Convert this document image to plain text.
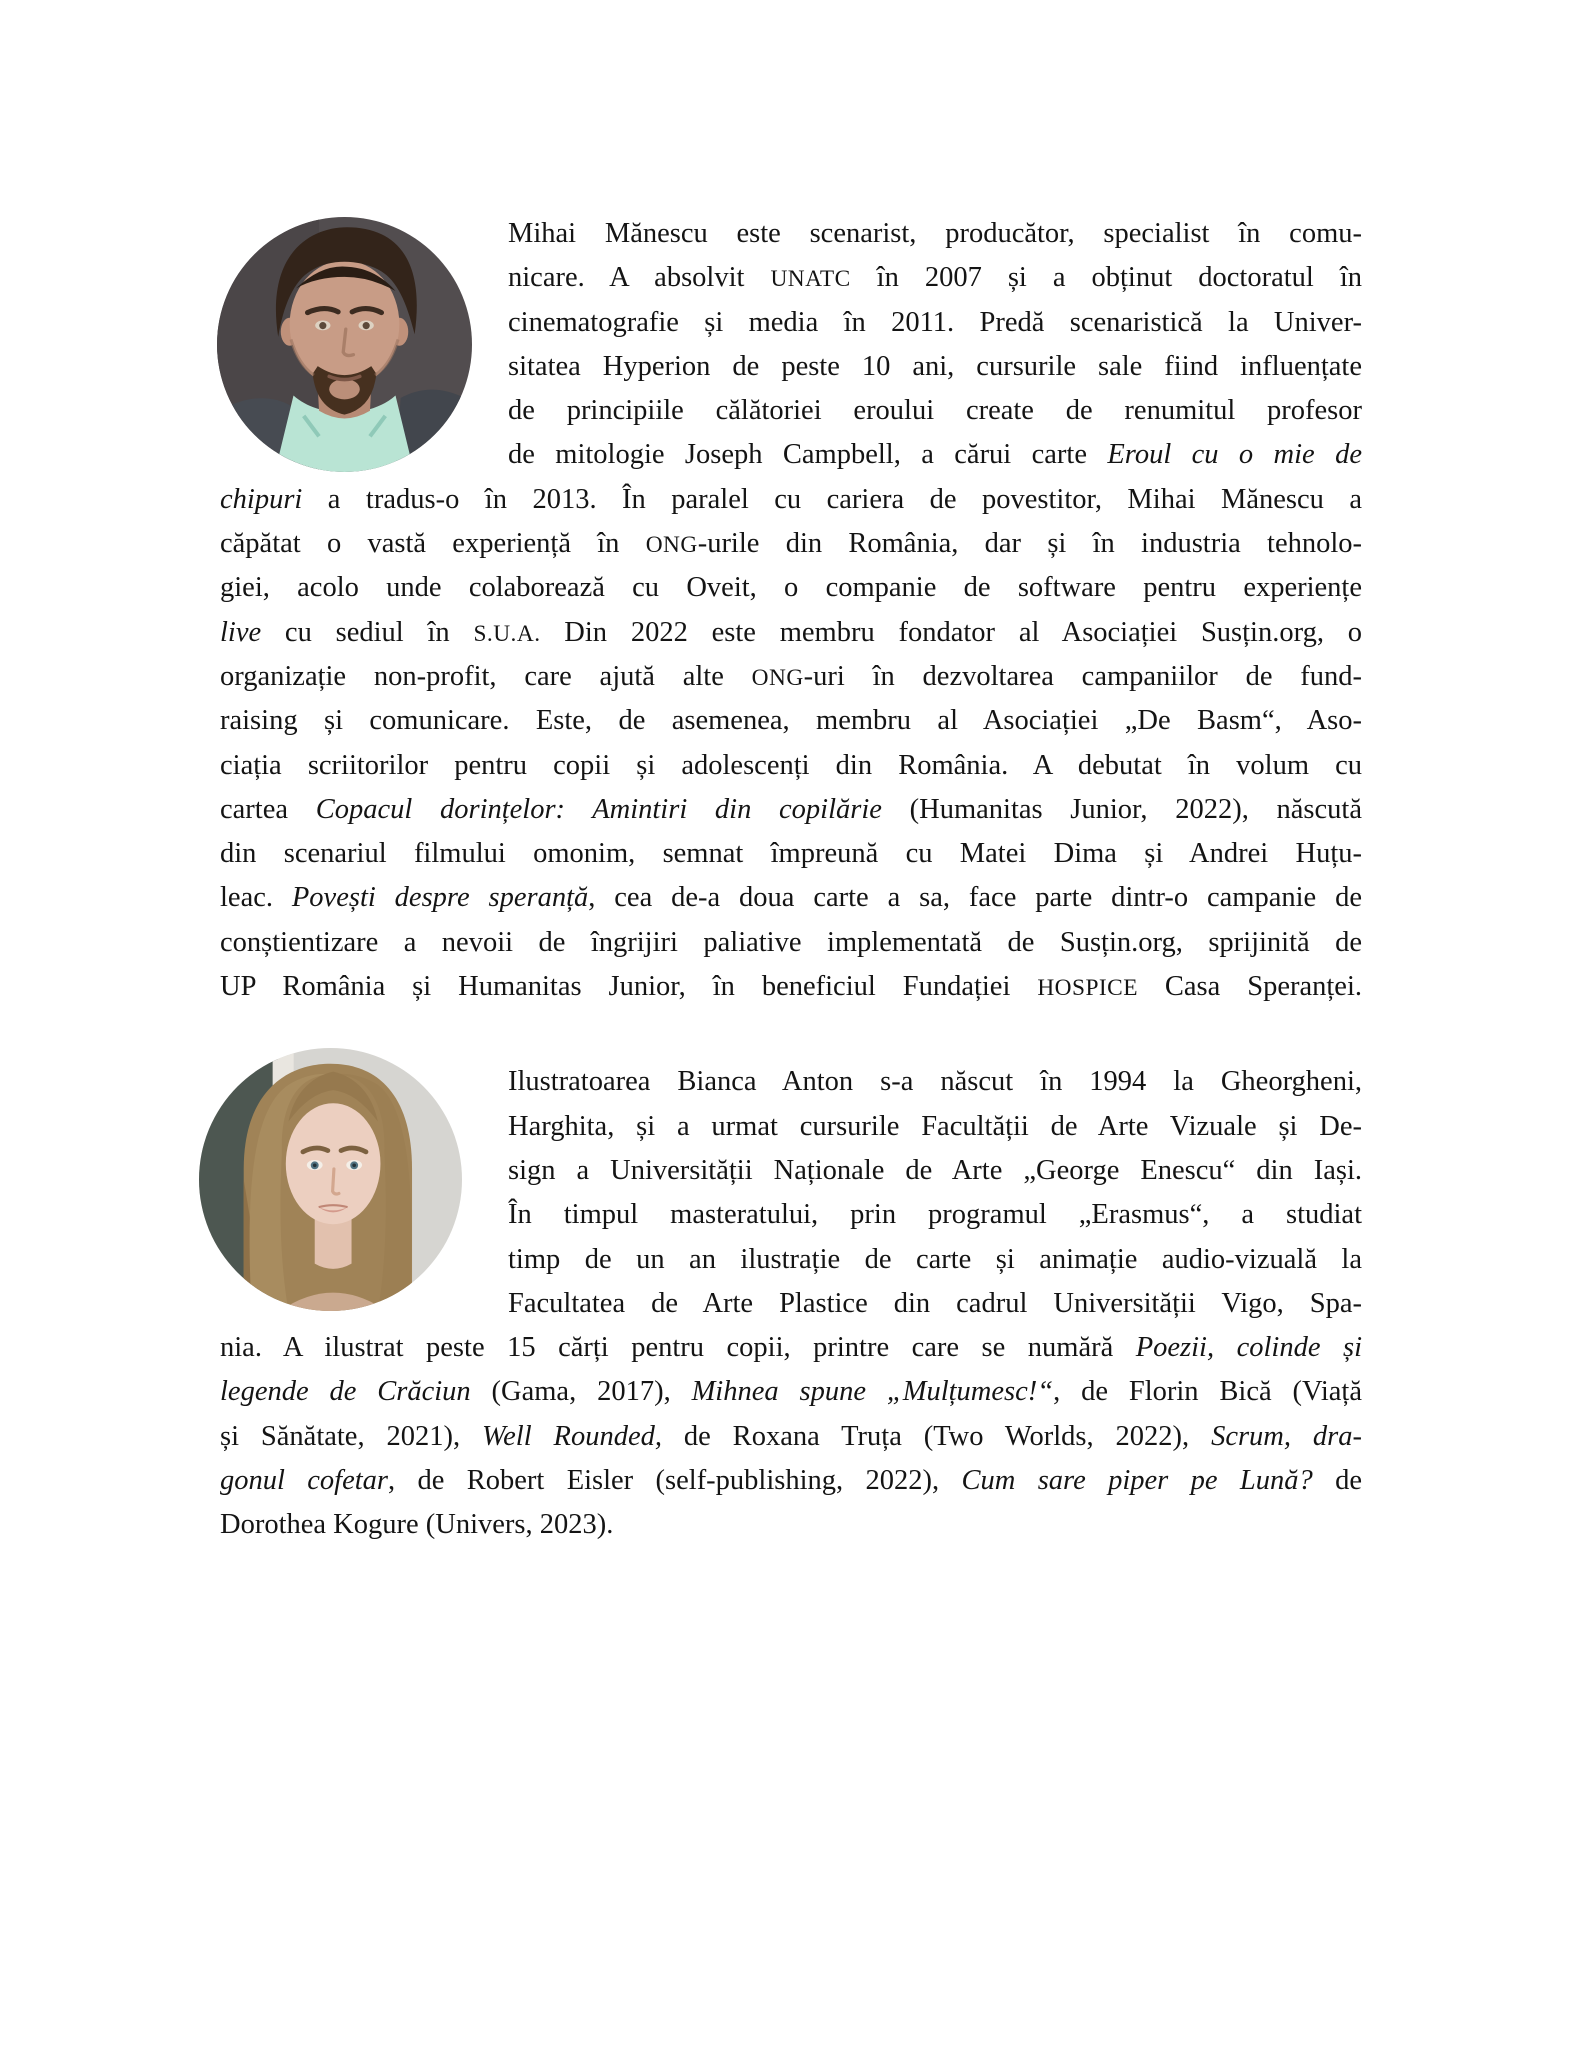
Mihai Mănescu este scenarist, producător, specialist în comu-
nicare. A absolvit UNATC în 2007 și a obținut doctoratul în
cinematografie și media în 2011. Predă scenaristică la Univer-
sitatea Hyperion de peste 10 ani, cursurile sale fiind influențate
de principiile călătoriei eroului create de renumitul profesor
de mitologie Joseph Campbell, a cărui carte Eroul cu o mie de
chipuri a tradus-o în 2013. În paralel cu cariera de povestitor, Mihai Mănescu a
căpătat o vastă experiență în ONG-urile din România, dar și în industria tehnolo-
giei, acolo unde colaborează cu Oveit, o companie de software pentru experiențe
live cu sediul în S.U.A. Din 2022 este membru fondator al Asociației Susțin.org, o
organizație non-profit, care ajută alte ONG-uri în dezvoltarea campaniilor de fund-
raising și comunicare. Este, de asemenea, membru al Asociației „De Basm“, Aso-
ciația scriitorilor pentru copii și adolescenți din România. A debutat în volum cu
cartea Copacul dorințelor: Amintiri din copilărie (Humanitas Junior, 2022), născută
din scenariul filmului omonim, semnat împreună cu Matei Dima și Andrei Huțu-
leac. Povești despre speranță, cea de-a doua carte a sa, face parte dintr-o campanie de
conștientizare a nevoii de îngrijiri paliative implementată de Susțin.org, sprijinită de
UP România și Humanitas Junior, în beneficiul Fundației HOSPICE Casa Speranței.
Ilustratoarea Bianca Anton s-a născut în 1994 la Gheorgheni,
Harghita, și a urmat cursurile Facultății de Arte Vizuale și De-
sign a Universității Naționale de Arte „George Enescu“ din Iași.
În timpul masteratului, prin programul „Erasmus“, a studiat
timp de un an ilustrație de carte și animație audio-vizuală la
Facultatea de Arte Plastice din cadrul Universității Vigo, Spa-
nia. A ilustrat peste 15 cărți pentru copii, printre care se numără Poezii, colinde și
legende de Crăciun (Gama, 2017), Mihnea spune „Mulțumesc!“, de Florin Bică (Viață
și Sănătate, 2021), Well Rounded, de Roxana Truța (Two Worlds, 2022), Scrum, dra-
gonul cofetar, de Robert Eisler (self-publishing, 2022), Cum sare piper pe Lună? de
Dorothea Kogure (Univers, 2023).
